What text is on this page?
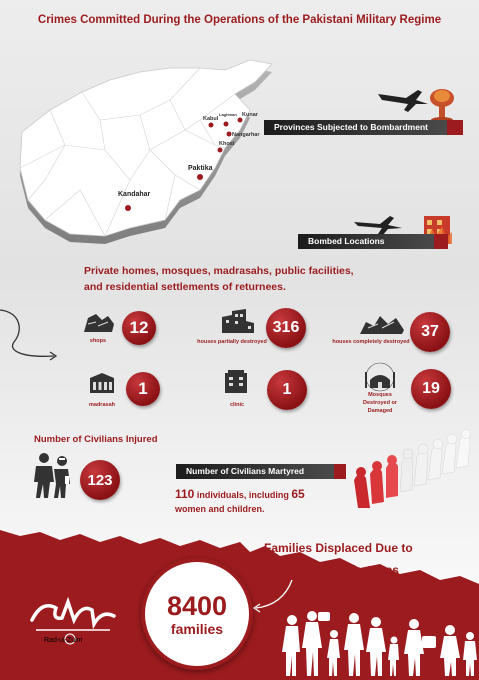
Crimes Committed During the Operations of the Pakistani Military Regime
Kabul
Laghman Kunar
Nangarhar
Khost
Paktika
Kandahar
Provinces Subjected to Bombardment
Bombed Locations
Private homes, mosques, madrasahs, public facilities,
and residential settlements of returnees.
12
shops
316
houses partially destroyed
37
houses completely destroyed
1
madrasah
1
clinic
19
Mosques
Destroyed or Damaged
Number of Civilians Injured
123
Number of Civilians Martyred
110 individuals, including 65
women and children.
Families Displaced Due to
Bombing and Airstrikes
8400
families
Rad-ul-Zulm
